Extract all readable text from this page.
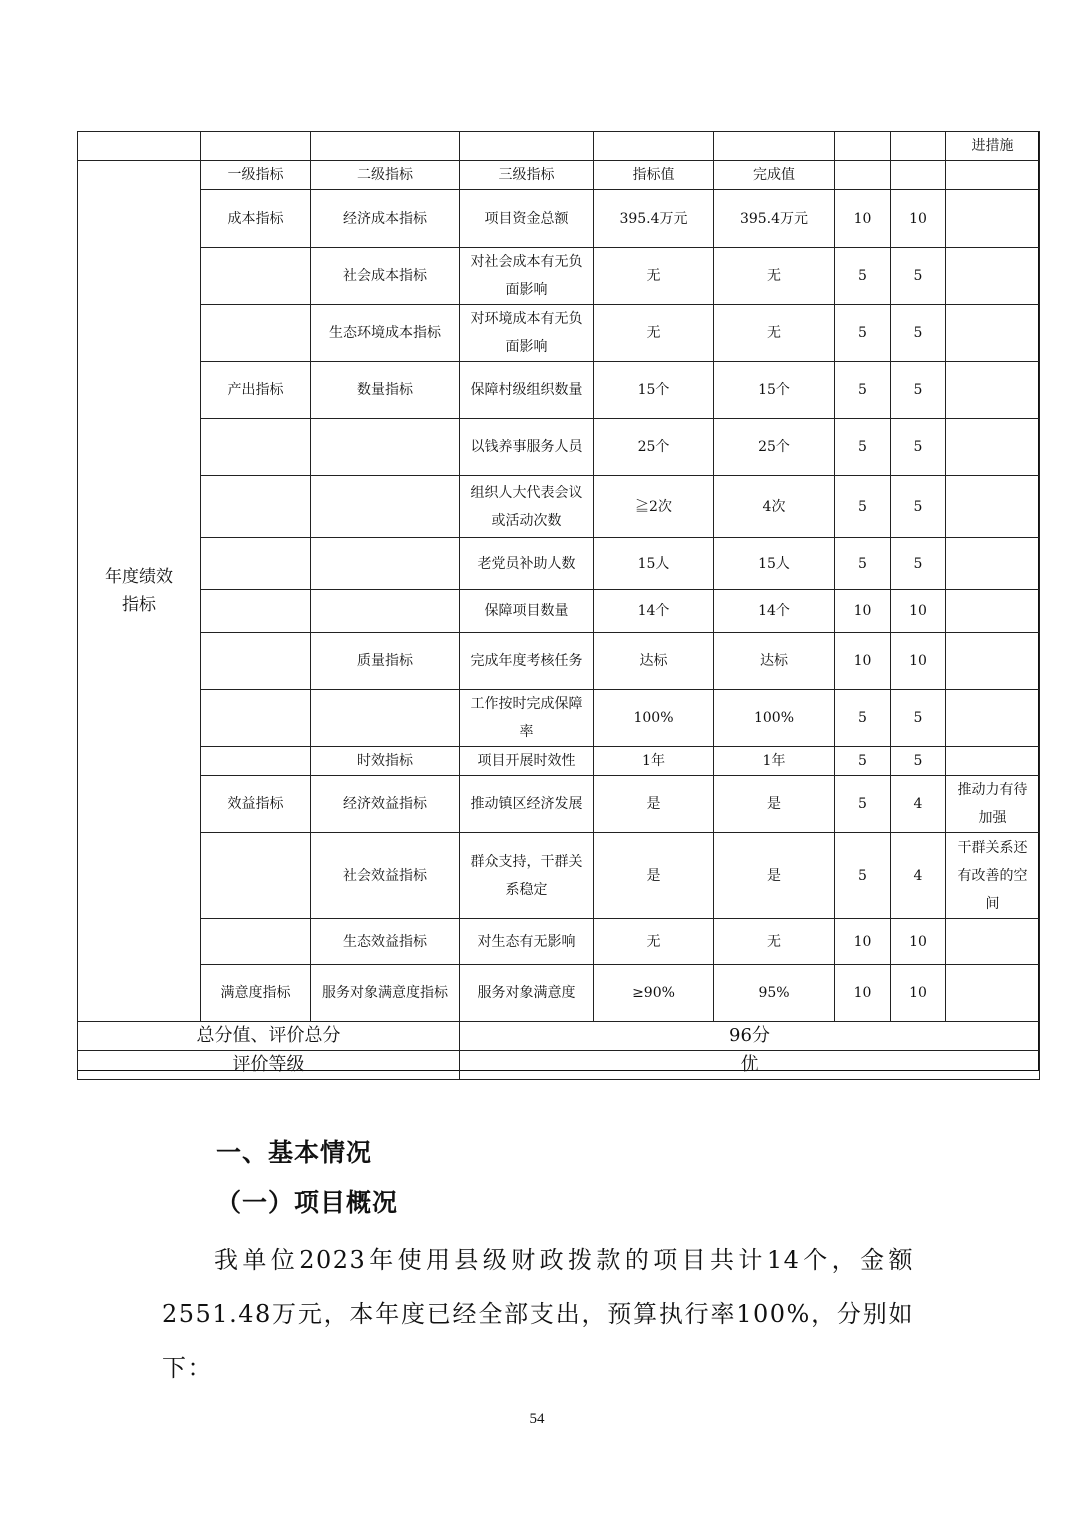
								进措施
年度绩效
指标	一级指标	二级指标	三级指标	指标值	完成值			
	成本指标	经济成本指标	项目资金总额	395.4万元	395.4万元	10	10	
		社会成本指标	对社会成本有无负面影响	无	无	5	5	
		生态环境成本指标	对环境成本有无负面影响	无	无	5	5	
	产出指标	数量指标	保障村级组织数量	15个	15个	5	5	
			以钱养事服务人员	25个	25个	5	5	
			组织人大代表会议或活动次数	≧2次	4次	5	5	
			老党员补助人数	15人	15人	5	5	
			保障项目数量	14个	14个	10	10	
		质量指标	完成年度考核任务	达标	达标	10	10	
			工作按时完成保障率	100%	100%	5	5	
		时效指标	项目开展时效性	1年	1年	5	5	
	效益指标	经济效益指标	推动镇区经济发展	是	是	5	4	推动力有待加强
		社会效益指标	群众支持，干群关系稳定	是	是	5	4	干群关系还有改善的空间
		生态效益指标	对生态有无影响	无	无	10	10	
	满意度指标	服务对象满意度指标	服务对象满意度	≥90%	95%	10	10	
总分值、评价总分			96分					
评价等级			优					
一、基本情况
（一）项目概况
我单位2023年使用县级财政拨款的项目共计14个，金额2551.48万元，本年度已经全部支出，预算执行率100%，分别如下：
54
